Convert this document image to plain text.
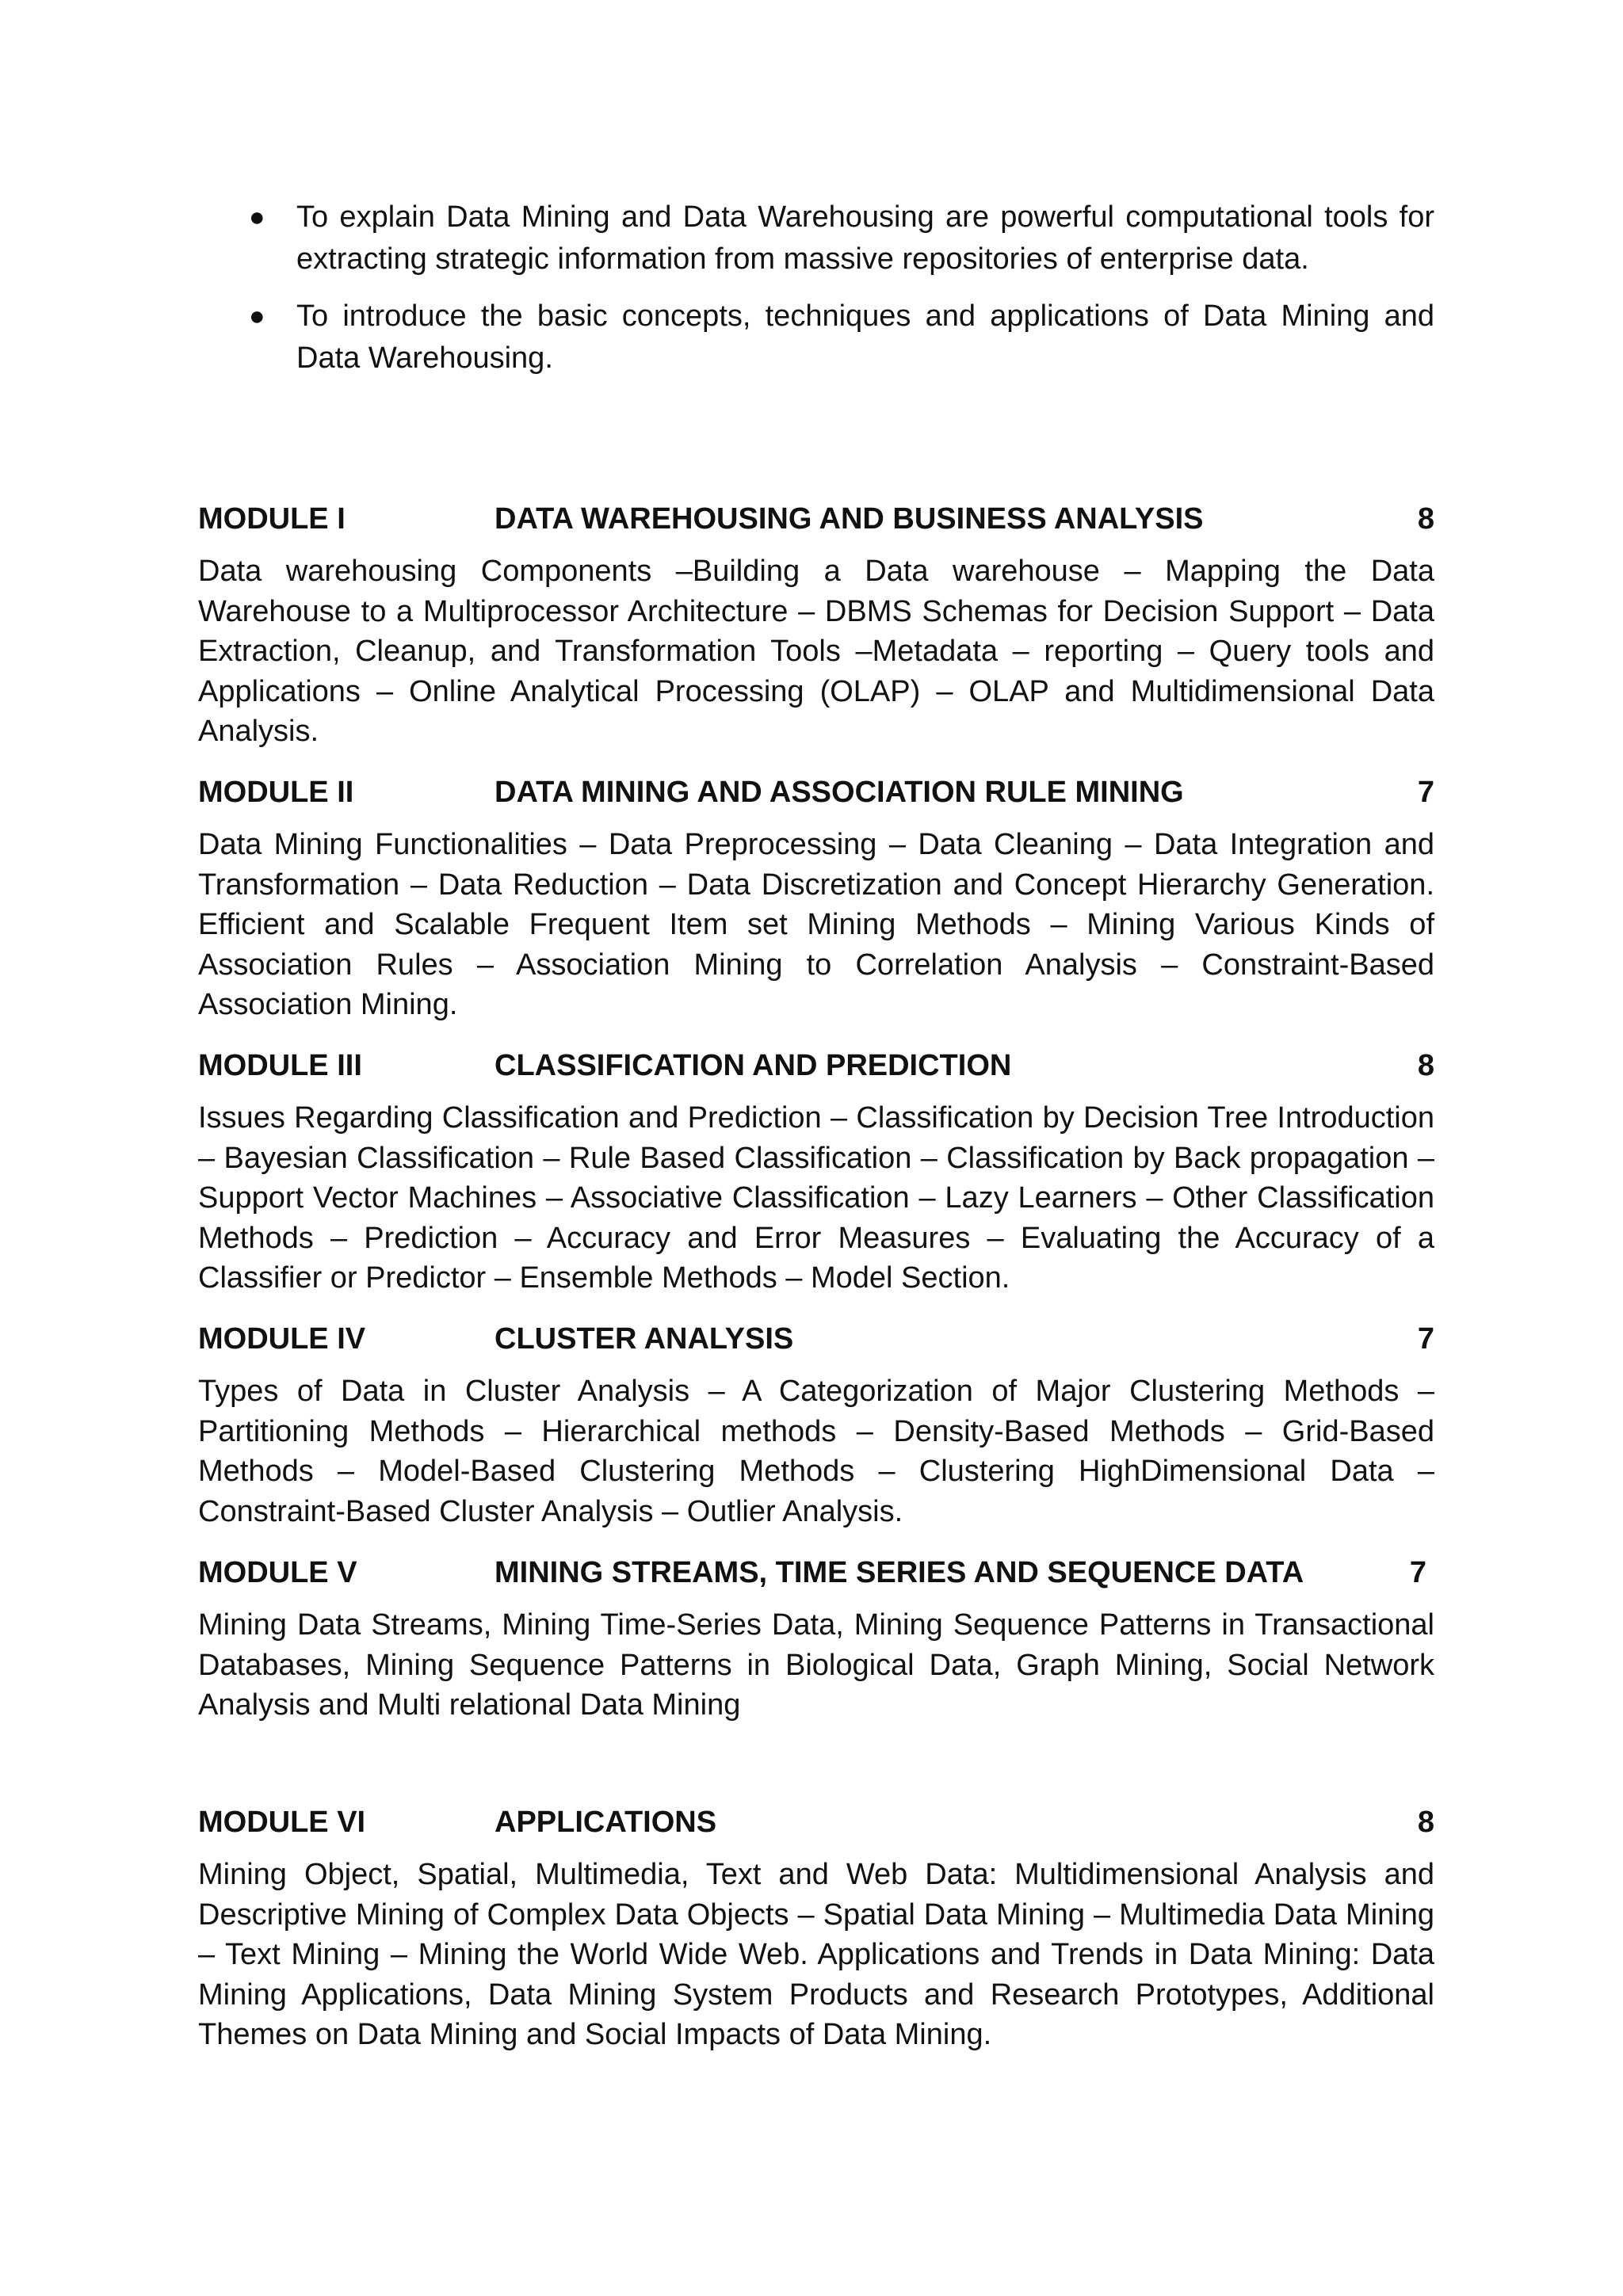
● To explain Data Mining and Data Warehousing are powerful computational tools for extracting strategic information from massive repositories of enterprise data.
● To introduce the basic concepts, techniques and applications of Data Mining and Data Warehousing.
MODULE I	DATA WAREHOUSING AND BUSINESS ANALYSIS	8
Data warehousing Components –Building a Data warehouse – Mapping the Data Warehouse to a Multiprocessor Architecture – DBMS Schemas for Decision Support – Data Extraction, Cleanup, and Transformation Tools –Metadata – reporting – Query tools and Applications – Online Analytical Processing (OLAP) – OLAP and Multidimensional Data Analysis.
MODULE II	DATA MINING AND ASSOCIATION RULE MINING	7
Data Mining Functionalities – Data Preprocessing – Data Cleaning – Data Integration and Transformation – Data Reduction – Data Discretization and Concept Hierarchy Generation. Efficient and Scalable Frequent Item set Mining Methods – Mining Various Kinds of Association Rules – Association Mining to Correlation Analysis – Constraint-Based Association Mining.
MODULE III	CLASSIFICATION AND PREDICTION	8
Issues Regarding Classification and Prediction – Classification by Decision Tree Introduction – Bayesian Classification – Rule Based Classification – Classification by Back propagation – Support Vector Machines – Associative Classification – Lazy Learners – Other Classification Methods – Prediction – Accuracy and Error Measures – Evaluating the Accuracy of a Classifier or Predictor – Ensemble Methods – Model Section.
MODULE IV	CLUSTER ANALYSIS	7
Types of Data in Cluster Analysis – A Categorization of Major Clustering Methods – Partitioning Methods – Hierarchical methods – Density-Based Methods – Grid-Based Methods – Model-Based Clustering Methods – Clustering HighDimensional Data – Constraint-Based Cluster Analysis – Outlier Analysis.
MODULE V	MINING STREAMS, TIME SERIES AND SEQUENCE DATA	7
Mining Data Streams, Mining Time-Series Data, Mining Sequence Patterns in Transactional Databases, Mining Sequence Patterns in Biological Data, Graph Mining, Social Network Analysis and Multi relational Data Mining
MODULE VI	APPLICATIONS	8
Mining Object, Spatial, Multimedia, Text and Web Data: Multidimensional Analysis and Descriptive Mining of Complex Data Objects – Spatial Data Mining – Multimedia Data Mining – Text Mining – Mining the World Wide Web. Applications and Trends in Data Mining: Data Mining Applications, Data Mining System Products and Research Prototypes, Additional Themes on Data Mining and Social Impacts of Data Mining.
